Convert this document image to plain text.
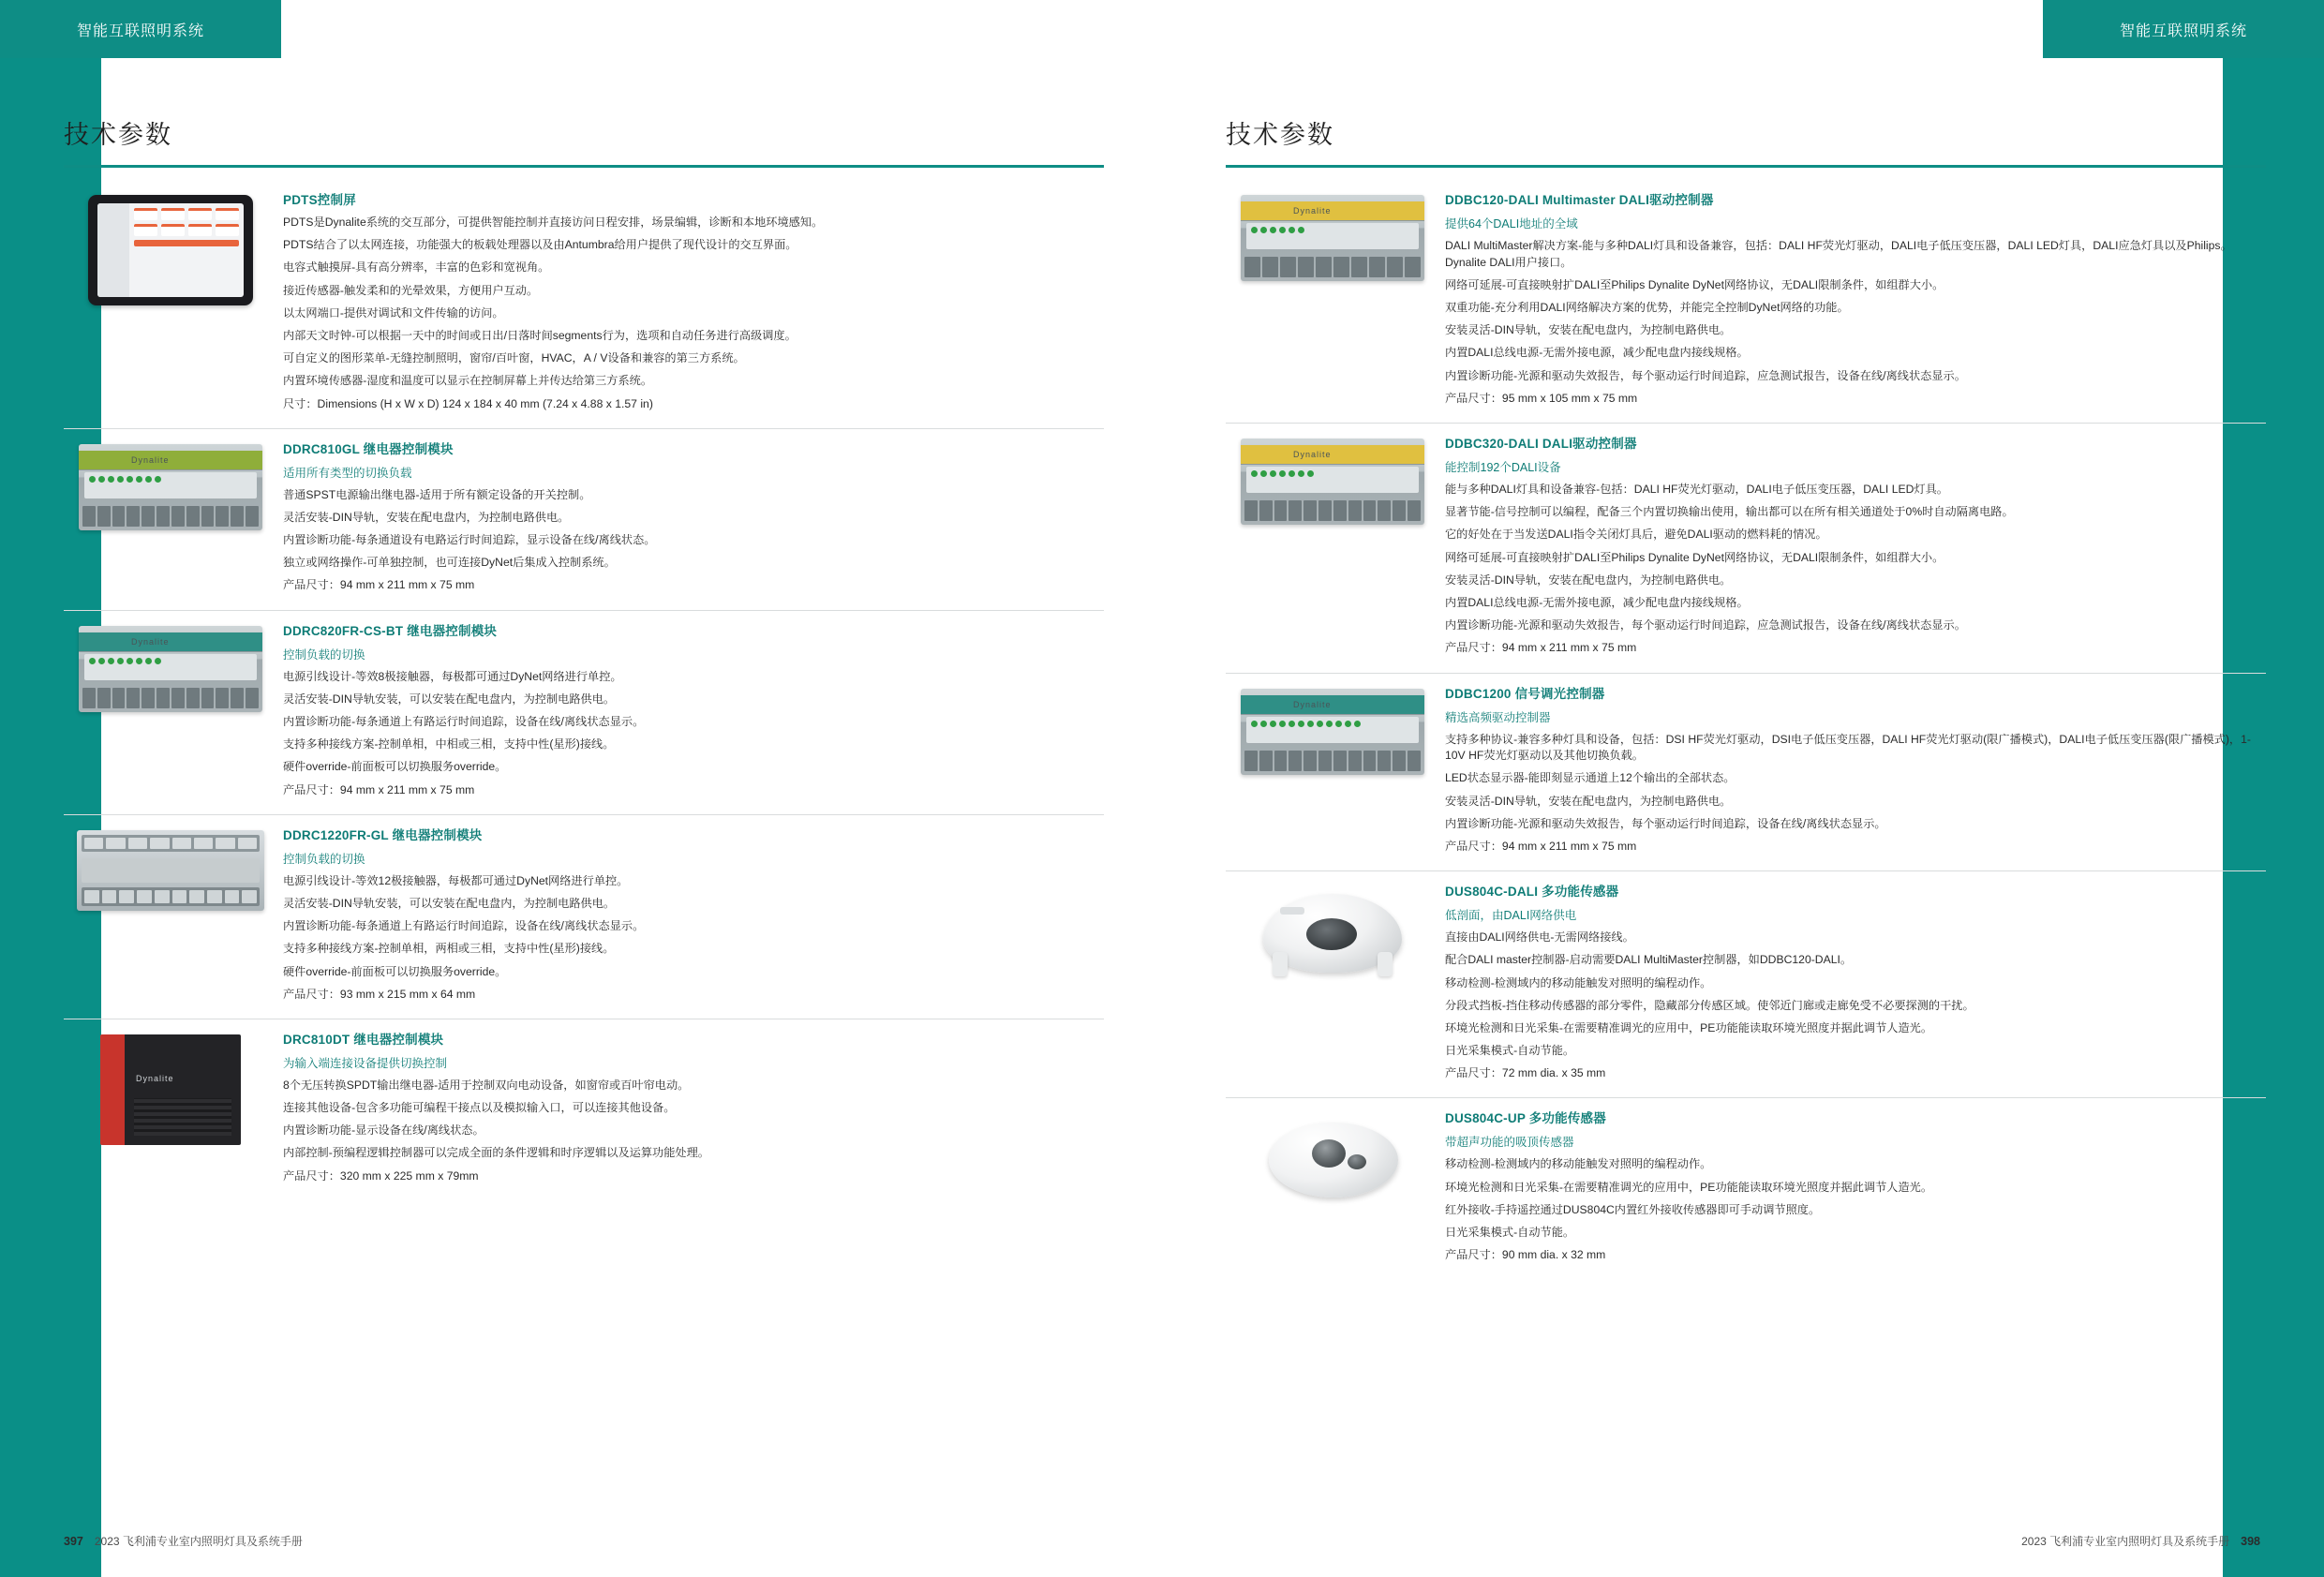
智能互联照明系统
技术参数
PDTS控制屏
PDTS是Dynalite系统的交互部分，可提供智能控制并直接访问日程安排，场景编辑，诊断和本地环境感知。
PDTS结合了以太网连接，功能强大的板载处理器以及由Antumbra给用户提供了现代设计的交互界面。
电容式触摸屏-具有高分辨率，丰富的色彩和宽视角。
接近传感器-触发柔和的光晕效果，方便用户互动。
以太网端口-提供对调试和文件传输的访问。
内部天文时钟-可以根据一天中的时间或日出/日落时间segments行为，选项和自动任务进行高级调度。
可自定义的图形菜单-无缝控制照明，窗帘/百叶窗，HVAC，A / V设备和兼容的第三方系统。
内置环境传感器-湿度和温度可以显示在控制屏幕上并传达给第三方系统。
尺寸：Dimensions (H x W x D) 124 x 184 x 40 mm (7.24 x 4.88 x 1.57 in)
Dynalite
DDRC810GL 继电器控制模块
适用所有类型的切换负载
普通SPST电源输出继电器-适用于所有额定设备的开关控制。
灵活安装-DIN导轨，安装在配电盘内，为控制电路供电。
内置诊断功能-每条通道设有电路运行时间追踪，显示设备在线/离线状态。
独立或网络操作-可单独控制，也可连接DyNet后集成入控制系统。
产品尺寸：94 mm x 211 mm x 75 mm
Dynalite
DDRC820FR-CS-BT 继电器控制模块
控制负载的切换
电源引线设计-等效8极接触器，每极都可通过DyNet网络进行单控。
灵活安装-DIN导轨安装，可以安装在配电盘内，为控制电路供电。
内置诊断功能-每条通道上有路运行时间追踪，设备在线/离线状态显示。
支持多种接线方案-控制单相，中相或三相，支持中性(星形)接线。
硬件override-前面板可以切换服务override。
产品尺寸：94 mm x 211 mm x 75 mm
DDRC1220FR-GL 继电器控制模块
控制负载的切换
电源引线设计-等效12极接触器，每极都可通过DyNet网络进行单控。
灵活安装-DIN导轨安装，可以安装在配电盘内，为控制电路供电。
内置诊断功能-每条通道上有路运行时间追踪，设备在线/离线状态显示。
支持多种接线方案-控制单相，两相或三相，支持中性(星形)接线。
硬件override-前面板可以切换服务override。
产品尺寸：93 mm x 215 mm x 64 mm
Dynalite
DRC810DT 继电器控制模块
为输入端连接设备提供切换控制
8个无压转换SPDT输出继电器-适用于控制双向电动设备，如窗帘或百叶帘电动。
连接其他设备-包含多功能可编程干接点以及模拟输入口，可以连接其他设备。
内置诊断功能-显示设备在线/离线状态。
内部控制-预编程逻辑控制器可以完成全面的条件逻辑和时序逻辑以及运算功能处理。
产品尺寸：320 mm x 225 mm x 79mm
397 2023 飞利浦专业室内照明灯具及系统手册
智能互联照明系统
技术参数
Dynalite
DDBC120-DALI Multimaster DALI驱动控制器
提供64个DALI地址的全域
DALI MultiMaster解决方案-能与多种DALI灯具和设备兼容，包括：DALI HF荧光灯驱动，DALI电子低压变压器，DALI LED灯具，DALI应急灯具以及Philips。Dynalite DALI用户接口。
网络可延展-可直接映射扩DALI至Philips Dynalite DyNet网络协议，无DALI限制条件，如组群大小。
双重功能-充分利用DALI网络解决方案的优势，并能完全控制DyNet网络的功能。
安装灵活-DIN导轨，安装在配电盘内，为控制电路供电。
内置DALI总线电源-无需外接电源，减少配电盘内接线规格。
内置诊断功能-光源和驱动失效报告，每个驱动运行时间追踪，应急测试报告，设备在线/离线状态显示。
产品尺寸：95 mm x 105 mm x 75 mm
Dynalite
DDBC320-DALI DALI驱动控制器
能控制192个DALI设备
能与多种DALI灯具和设备兼容-包括：DALI HF荧光灯驱动，DALI电子低压变压器，DALI LED灯具。
显著节能-信号控制可以编程，配备三个内置切换输出使用，输出都可以在所有相关通道处于0%时自动隔离电路。
它的好处在于当发送DALI指令关闭灯具后，避免DALI驱动的燃料耗的情况。
网络可延展-可直接映射扩DALI至Philips Dynalite DyNet网络协议，无DALI限制条件，如组群大小。
安装灵活-DIN导轨，安装在配电盘内，为控制电路供电。
内置DALI总线电源-无需外接电源，减少配电盘内接线规格。
内置诊断功能-光源和驱动失效报告，每个驱动运行时间追踪，应急测试报告，设备在线/离线状态显示。
产品尺寸：94 mm x 211 mm x 75 mm
Dynalite
DDBC1200 信号调光控制器
精选高频驱动控制器
支持多种协议-兼容多种灯具和设备，包括：DSI HF荧光灯驱动，DSI电子低压变压器，DALI HF荧光灯驱动(限广播模式)，DALI电子低压变压器(限广播模式)，1-10V HF荧光灯驱动以及其他切换负载。
LED状态显示器-能即刻显示通道上12个输出的全部状态。
安装灵活-DIN导轨，安装在配电盘内，为控制电路供电。
内置诊断功能-光源和驱动失效报告，每个驱动运行时间追踪，设备在线/离线状态显示。
产品尺寸：94 mm x 211 mm x 75 mm
DUS804C-DALI 多功能传感器
低剖面，由DALI网络供电
直接由DALI网络供电-无需网络接线。
配合DALI master控制器-启动需要DALI MultiMaster控制器，如DDBC120-DALI。
移动检测-检测域内的移动能触发对照明的编程动作。
分段式挡板-挡住移动传感器的部分零件，隐藏部分传感区域。使邻近门廊或走廊免受不必要探测的干扰。
环境光检测和日光采集-在需要精准调光的应用中，PE功能能读取环境光照度并据此调节人造光。
日光采集模式-自动节能。
产品尺寸：72 mm dia. x 35 mm
DUS804C-UP 多功能传感器
带超声功能的吸顶传感器
移动检测-检测域内的移动能触发对照明的编程动作。
环境光检测和日光采集-在需要精准调光的应用中，PE功能能读取环境光照度并据此调节人造光。
红外接收-手持遥控通过DUS804C内置红外接收传感器即可手动调节照度。
日光采集模式-自动节能。
产品尺寸：90 mm dia. x 32 mm
2023 飞利浦专业室内照明灯具及系统手册 398
